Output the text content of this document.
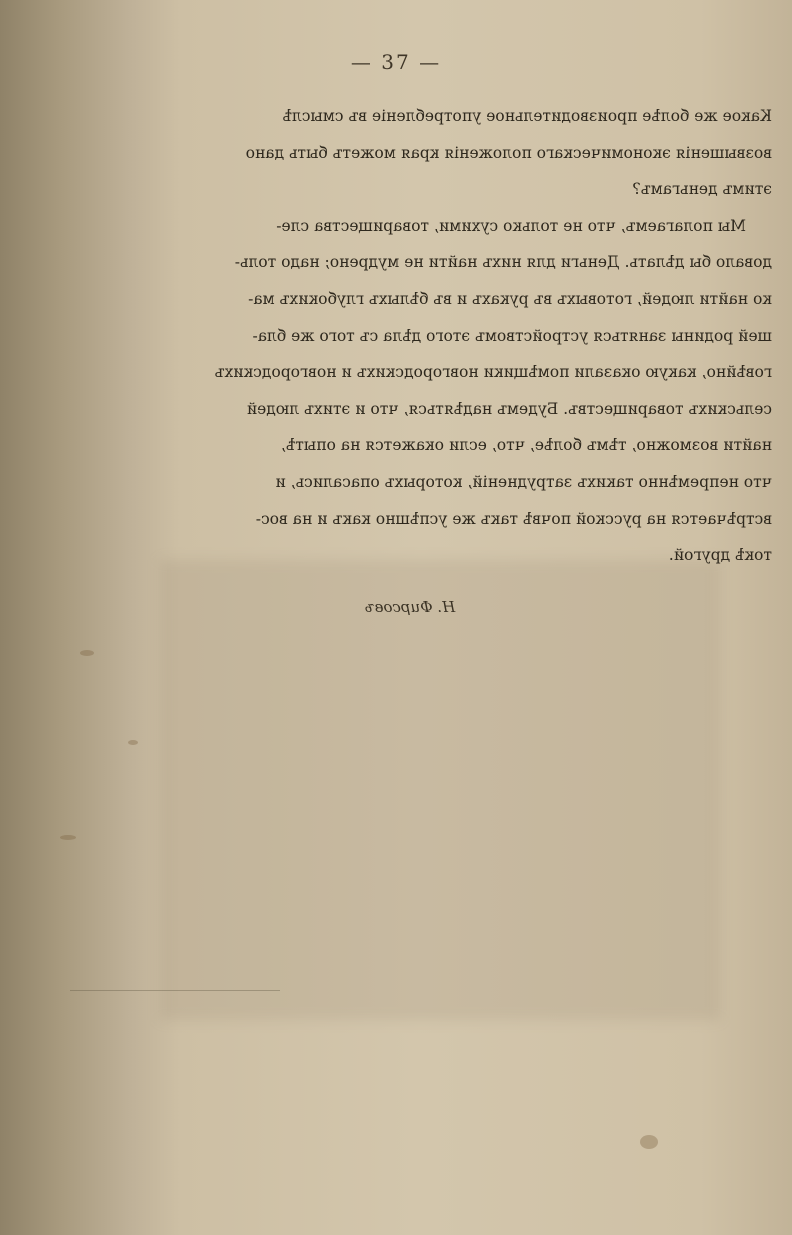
— 37 —
Какое же болѣе производительное употребленіе въ смыслѣ
возвышенія экономическаго положенія края можетъ быть дано
этимъ деньгамъ?
Мы полагаемъ, что не только сухими, товарищества сле-
довало бы дѣлать. Деньги для нихъ найти не мудрено; надо толь-
ко найти людей, готовыхъ въ рукахъ и въ бѣлыхъ глубокихъ ма-
шей родины заняться устройствомъ этого дѣла съ того же бла-
говѣйно, какую оказали помѣщики новгородскихъ и новгородскихъ
сельскихъ товариществъ. Будемъ надѣяться, что и этихъ людей
найти возможно, тѣмъ болѣе, что, если окажется на опытѣ,
что непремѣнно такихъ затрудненій, которыхъ опасались, и
встрѣчается на русской почвѣ такъ же успѣшно какъ и на вос-
токѣ другой.
Н. Фирсовъ
